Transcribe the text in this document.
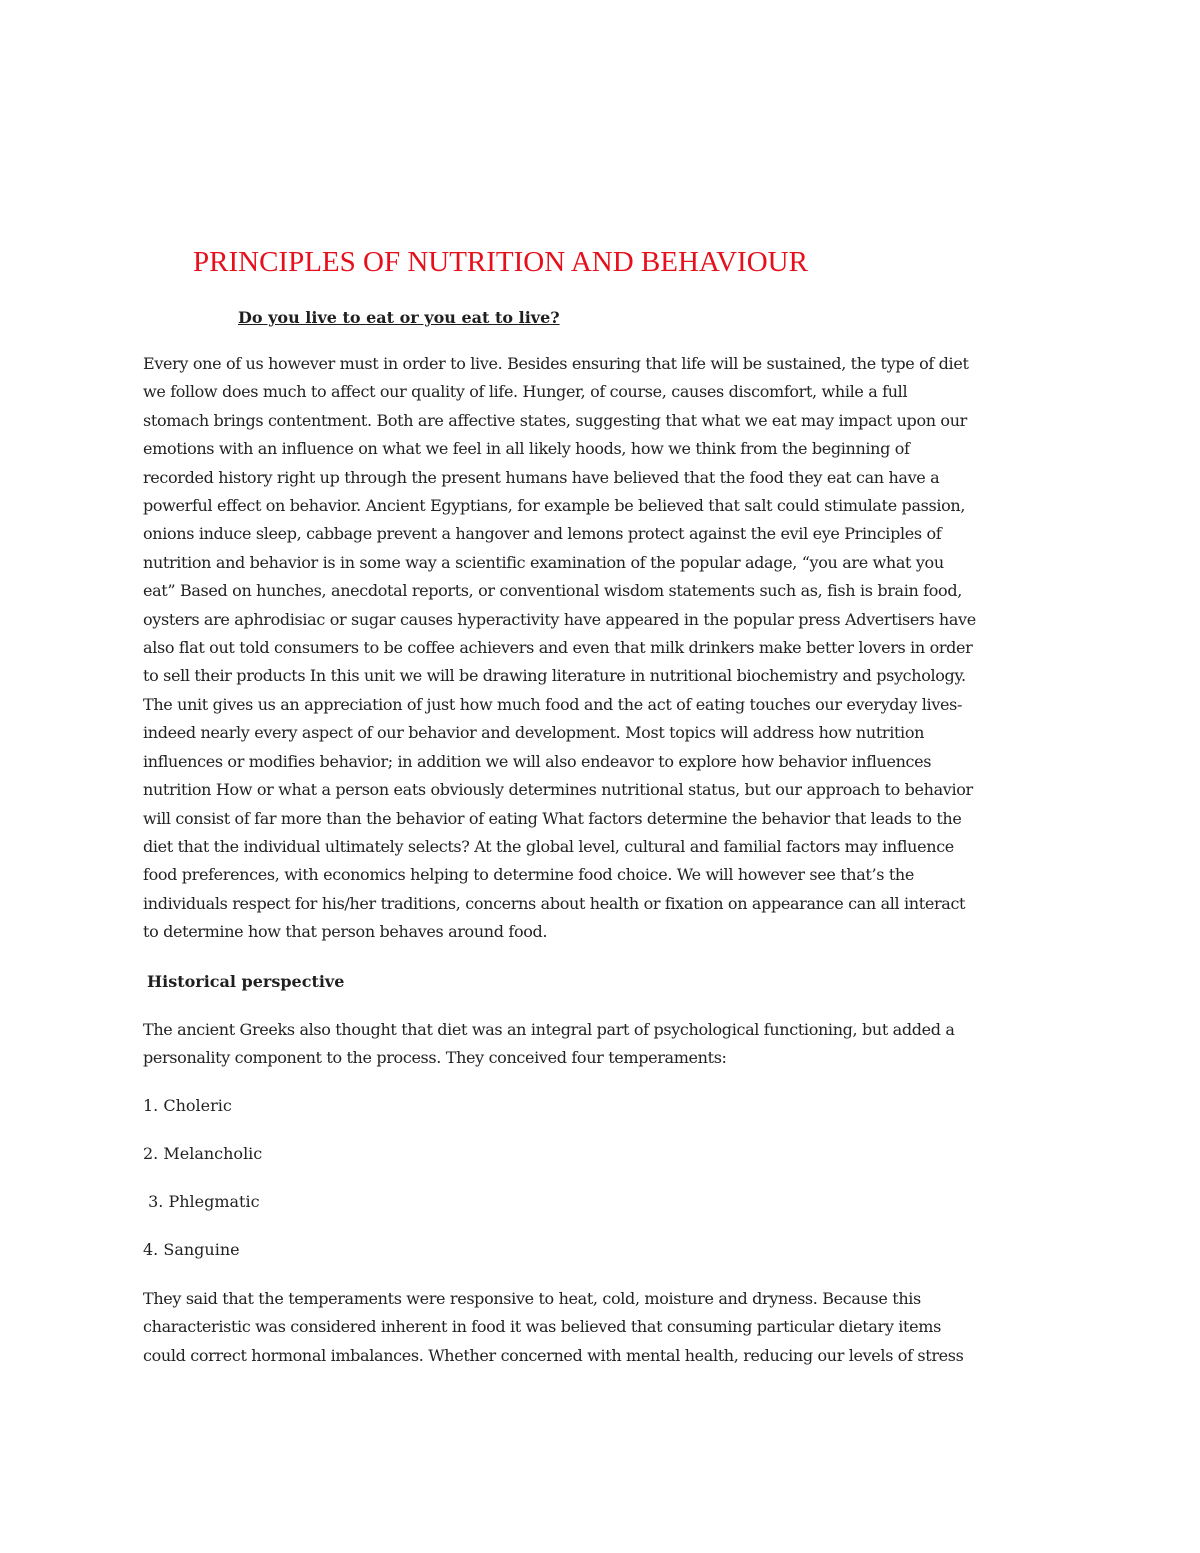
PRINCIPLES OF NUTRITION AND BEHAVIOUR

Do you live to eat or you eat to live?

Every one of us however must in order to live. Besides ensuring that life will be sustained, the type of diet
we follow does much to affect our quality of life. Hunger, of course, causes discomfort, while a full
stomach brings contentment. Both are affective states, suggesting that what we eat may impact upon our
emotions with an influence on what we feel in all likely hoods, how we think from the beginning of
recorded history right up through the present humans have believed that the food they eat can have a
powerful effect on behavior. Ancient Egyptians, for example be believed that salt could stimulate passion,
onions induce sleep, cabbage prevent a hangover and lemons protect against the evil eye Principles of
nutrition and behavior is in some way a scientific examination of the popular adage, “you are what you
eat” Based on hunches, anecdotal reports, or conventional wisdom statements such as, fish is brain food,
oysters are aphrodisiac or sugar causes hyperactivity have appeared in the popular press Advertisers have
also flat out told consumers to be coffee achievers and even that milk drinkers make better lovers in order
to sell their products In this unit we will be drawing literature in nutritional biochemistry and psychology.
The unit gives us an appreciation of just how much food and the act of eating touches our everyday lives-
indeed nearly every aspect of our behavior and development. Most topics will address how nutrition
influences or modifies behavior; in addition we will also endeavor to explore how behavior influences
nutrition How or what a person eats obviously determines nutritional status, but our approach to behavior
will consist of far more than the behavior of eating What factors determine the behavior that leads to the
diet that the individual ultimately selects? At the global level, cultural and familial factors may influence
food preferences, with economics helping to determine food choice. We will however see that’s the
individuals respect for his/her traditions, concerns about health or fixation on appearance can all interact
to determine how that person behaves around food.
Historical perspective
The ancient Greeks also thought that diet was an integral part of psychological functioning, but added a
personality component to the process. They conceived four temperaments:

1. Choleric

2. Melancholic

3. Phlegmatic

4. Sanguine

They said that the temperaments were responsive to heat, cold, moisture and dryness. Because this
characteristic was considered inherent in food it was believed that consuming particular dietary items
could correct hormonal imbalances. Whether concerned with mental health, reducing our levels of stress
